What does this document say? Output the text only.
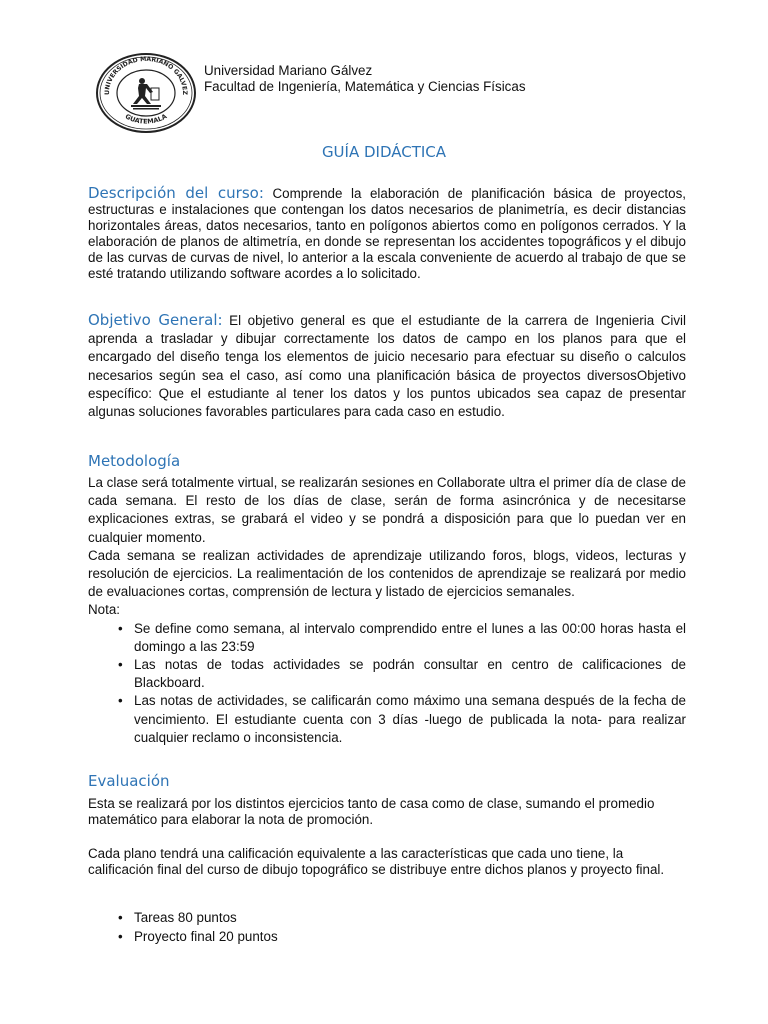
UNIVERSIDAD MARIANO GALVEZ
GUATEMALA
Universidad Mariano Gálvez
Facultad de Ingeniería, Matemática y Ciencias Físicas
GUÍA DIDÁCTICA
Descripción del curso: Comprende la elaboración de planificación básica de proyectos, estructuras e instalaciones que contengan los datos necesarios de planimetría, es decir distancias horizontales áreas, datos necesarios, tanto en polígonos abiertos como en polígonos cerrados. Y la elaboración de planos de altimetría, en donde se representan los accidentes topográficos y el dibujo de las curvas de curvas de nivel, lo anterior a la escala conveniente de acuerdo al trabajo de que se esté tratando utilizando software acordes a lo solicitado.
Objetivo General: El objetivo general es que el estudiante de la carrera de Ingenieria Civil aprenda a trasladar y dibujar correctamente los datos de campo en los planos para que el encargado del diseño tenga los elementos de juicio necesario para efectuar su diseño o calculos necesarios según sea el caso, así como una planificación básica de proyectos diversosObjetivo específico: Que el estudiante al tener los datos y los puntos ubicados sea capaz de presentar algunas soluciones favorables particulares para cada caso en estudio.
Metodología

La clase será totalmente virtual, se realizarán sesiones en Collaborate ultra el primer día de clase de cada semana. El resto de los días de clase, serán de forma asincrónica y de necesitarse explicaciones extras, se grabará el video y se pondrá a disposición para que lo puedan ver en cualquier momento.

Cada semana se realizan actividades de aprendizaje utilizando foros, blogs, videos, lecturas y resolución de ejercicios. La realimentación de los contenidos de aprendizaje se realizará por medio de evaluaciones cortas, comprensión de lectura y listado de ejercicios semanales.

Nota:

• Se define como semana, al intervalo comprendido entre el lunes a las 00:00 horas hasta el domingo a las 23:59
• Las notas de todas actividades se podrán consultar en centro de calificaciones de Blackboard.
• Las notas de actividades, se calificarán como máximo una semana después de la fecha de vencimiento. El estudiante cuenta con 3 días -luego de publicada la nota- para realizar cualquier reclamo o inconsistencia.
Evaluación
Esta se realizará por los distintos ejercicios tanto de casa como de clase, sumando el promedio matemático para elaborar la nota de promoción.
Cada plano tendrá una calificación equivalente a las características que cada uno tiene, la calificación final del curso de dibujo topográfico se distribuye entre dichos planos y proyecto final.
• Tareas 80 puntos
• Proyecto final 20 puntos
